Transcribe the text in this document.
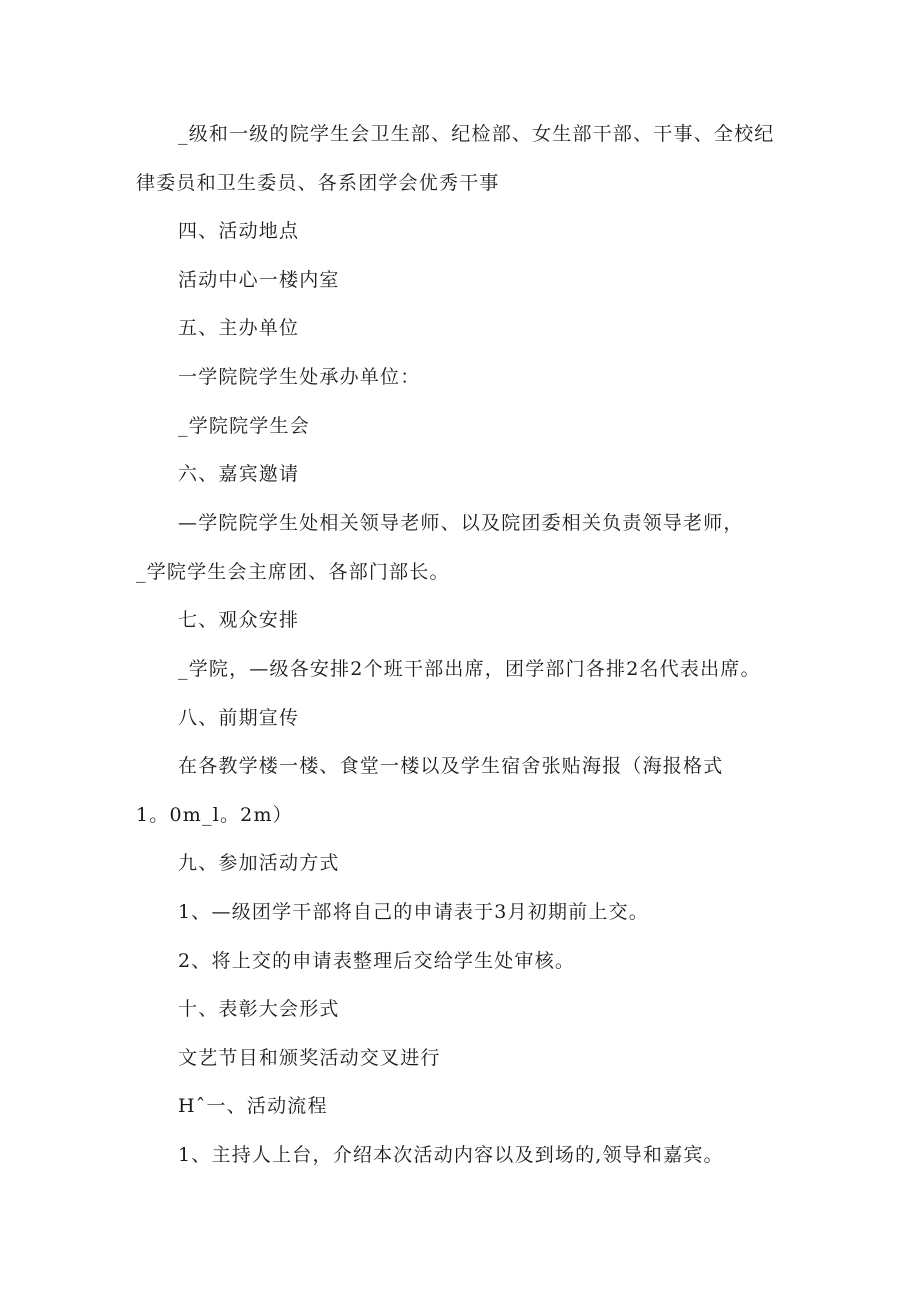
_级和一级的院学生会卫生部、纪检部、女生部干部、干事、全校纪
律委员和卫生委员、各系团学会优秀干事
四、活动地点
活动中心一楼内室
五、主办单位
一学院院学生处承办单位：
_学院院学生会
六、嘉宾邀请
—学院院学生处相关领导老师、以及院团委相关负责领导老师，
_学院学生会主席团、各部门部长。
七、观众安排
_学院，—级各安排2个班干部出席，团学部门各排2名代表出席。
八、前期宣传
在各教学楼一楼、食堂一楼以及学生宿舍张贴海报（海报格式
1。0m_l。2m）
九、参加活动方式
1、—级团学干部将自己的申请表于3月初期前上交。
2、将上交的申请表整理后交给学生处审核。
十、表彰大会形式
文艺节目和颁奖活动交叉进行
Hˆ一、活动流程
1、主持人上台，介绍本次活动内容以及到场的,领导和嘉宾。
